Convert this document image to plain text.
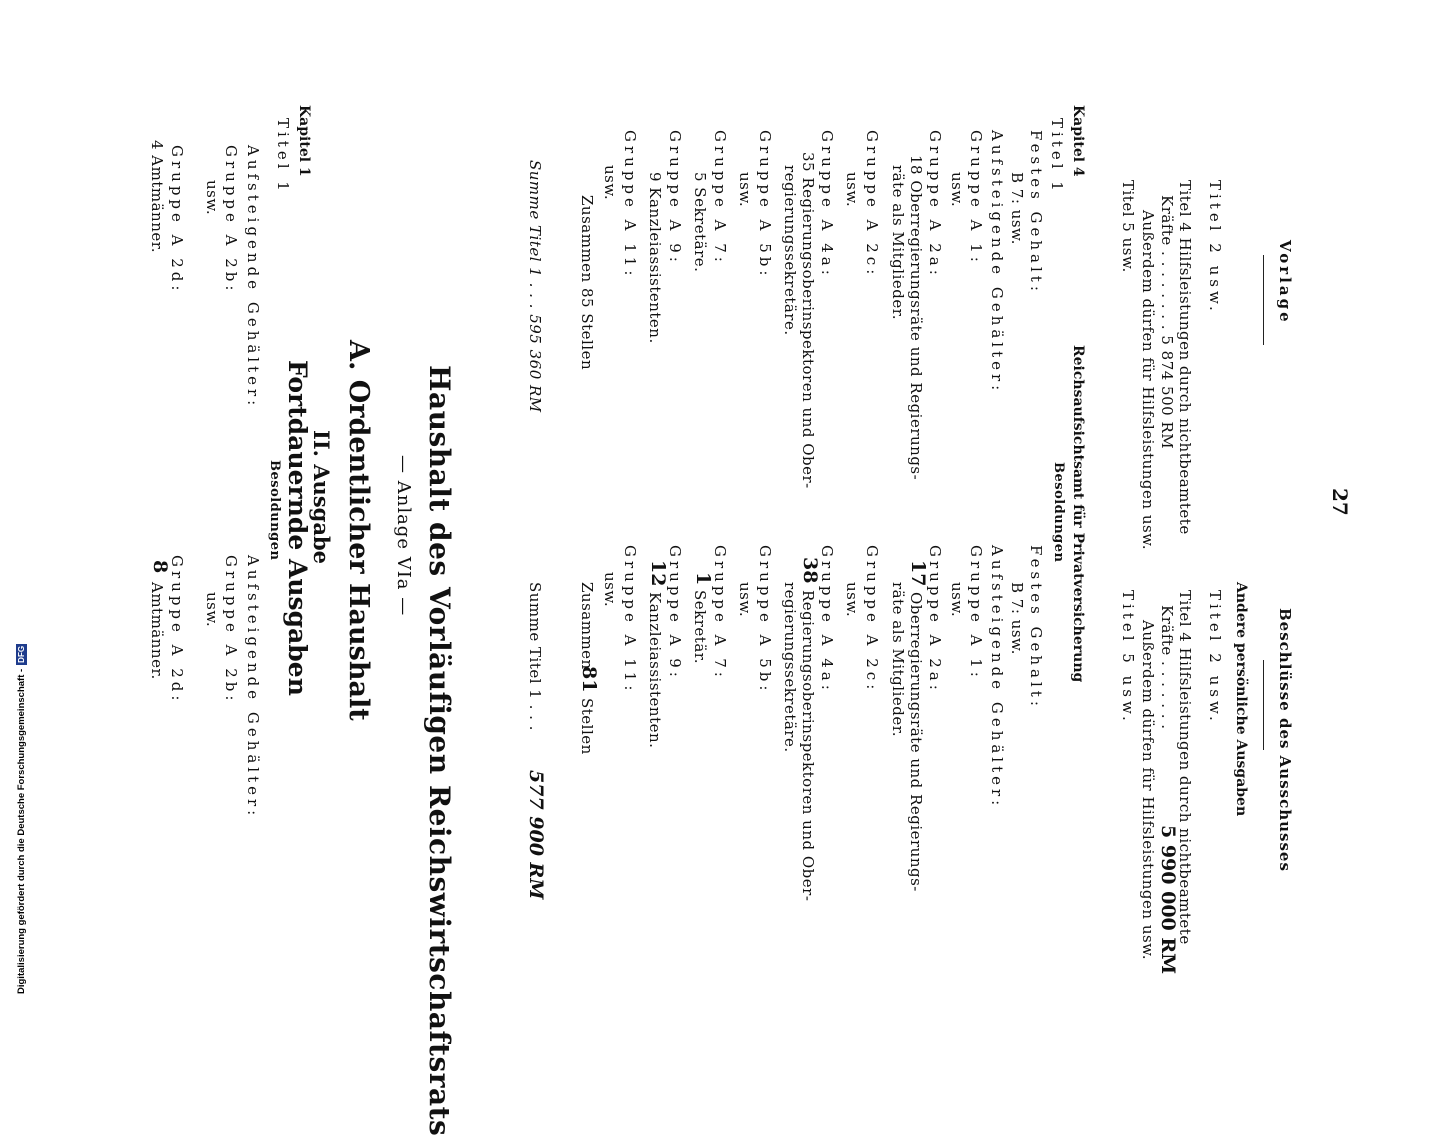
Vorlage
27
Beschlüsse des Ausschusses
Titel 2 usw.
Titel 4 Hilfsleistungen durch nichtbeamtete
Kräfte . . . . . . . . 5 874 500 RM
Außerdem dürfen für Hilfsleistungen usw.
Titel 5 usw.
Kapitel 4
Titel 1
Festes Gehalt:
B 7: usw.
Aufsteigende Gehälter:
Gruppe A 1:
usw.
Gruppe A 2a:
18 Oberregierungsräte und Regierungs-
räte als Mitglieder.
Gruppe A 2c:
usw.
Gruppe A 4a:
35 Regierungsoberinspektoren und Ober-
regierungssekretäre.
Gruppe A 5b:
usw.
Gruppe A 7:
5 Sekretäre.
Gruppe A 9:
9 Kanzleiassistenten.
Gruppe A 11:
usw.
Zusammen 85 Stellen
Summe Titel 1 . . . 595 360 RM
Andere persönliche Ausgaben
Titel 2 usw.
Titel 4 Hilfsleistungen durch nichtbeamtete
Kräfte . . . . . . .
5 990 000 RM
Außerdem dürfen für Hilfsleistungen usw.
Titel 5 usw.
Reichsaufsichtsamt für Privatversicherung
Besoldungen
Festes Gehalt:
B 7: usw.
Aufsteigende Gehälter:
Gruppe A 1:
usw.
Gruppe A 2a:
17
Oberregierungsräte und Regierungs-
räte als Mitglieder.
Gruppe A 2c:
usw.
Gruppe A 4a:
38
Regierungsoberinspektoren und Ober-
regierungssekretäre.
Gruppe A 5b:
usw.
Gruppe A 7:
1
Sekretär.
Gruppe A 9:
12
Kanzleiassistenten.
Gruppe A 11:
usw.
Zusammen
81
Stellen
Summe Titel 1 . . .
577 900 RM
Haushalt des Vorläufigen Reichswirtschaftsrats
— Anlage VIa —
A. Ordentlicher Haushalt
II. Ausgabe
Fortdauernde Ausgaben
Besoldungen
Kapitel 1
Titel 1
Aufsteigende Gehälter:
Gruppe A 2b:
usw.
Gruppe A 2d:
4 Amtmänner.
Aufsteigende Gehälter:
Gruppe A 2b:
usw.
Gruppe A 2d:
8
Amtmänner.
Digitalisierung gefördert durch die Deutsche Forschungsgemeinschaft -
DFG
